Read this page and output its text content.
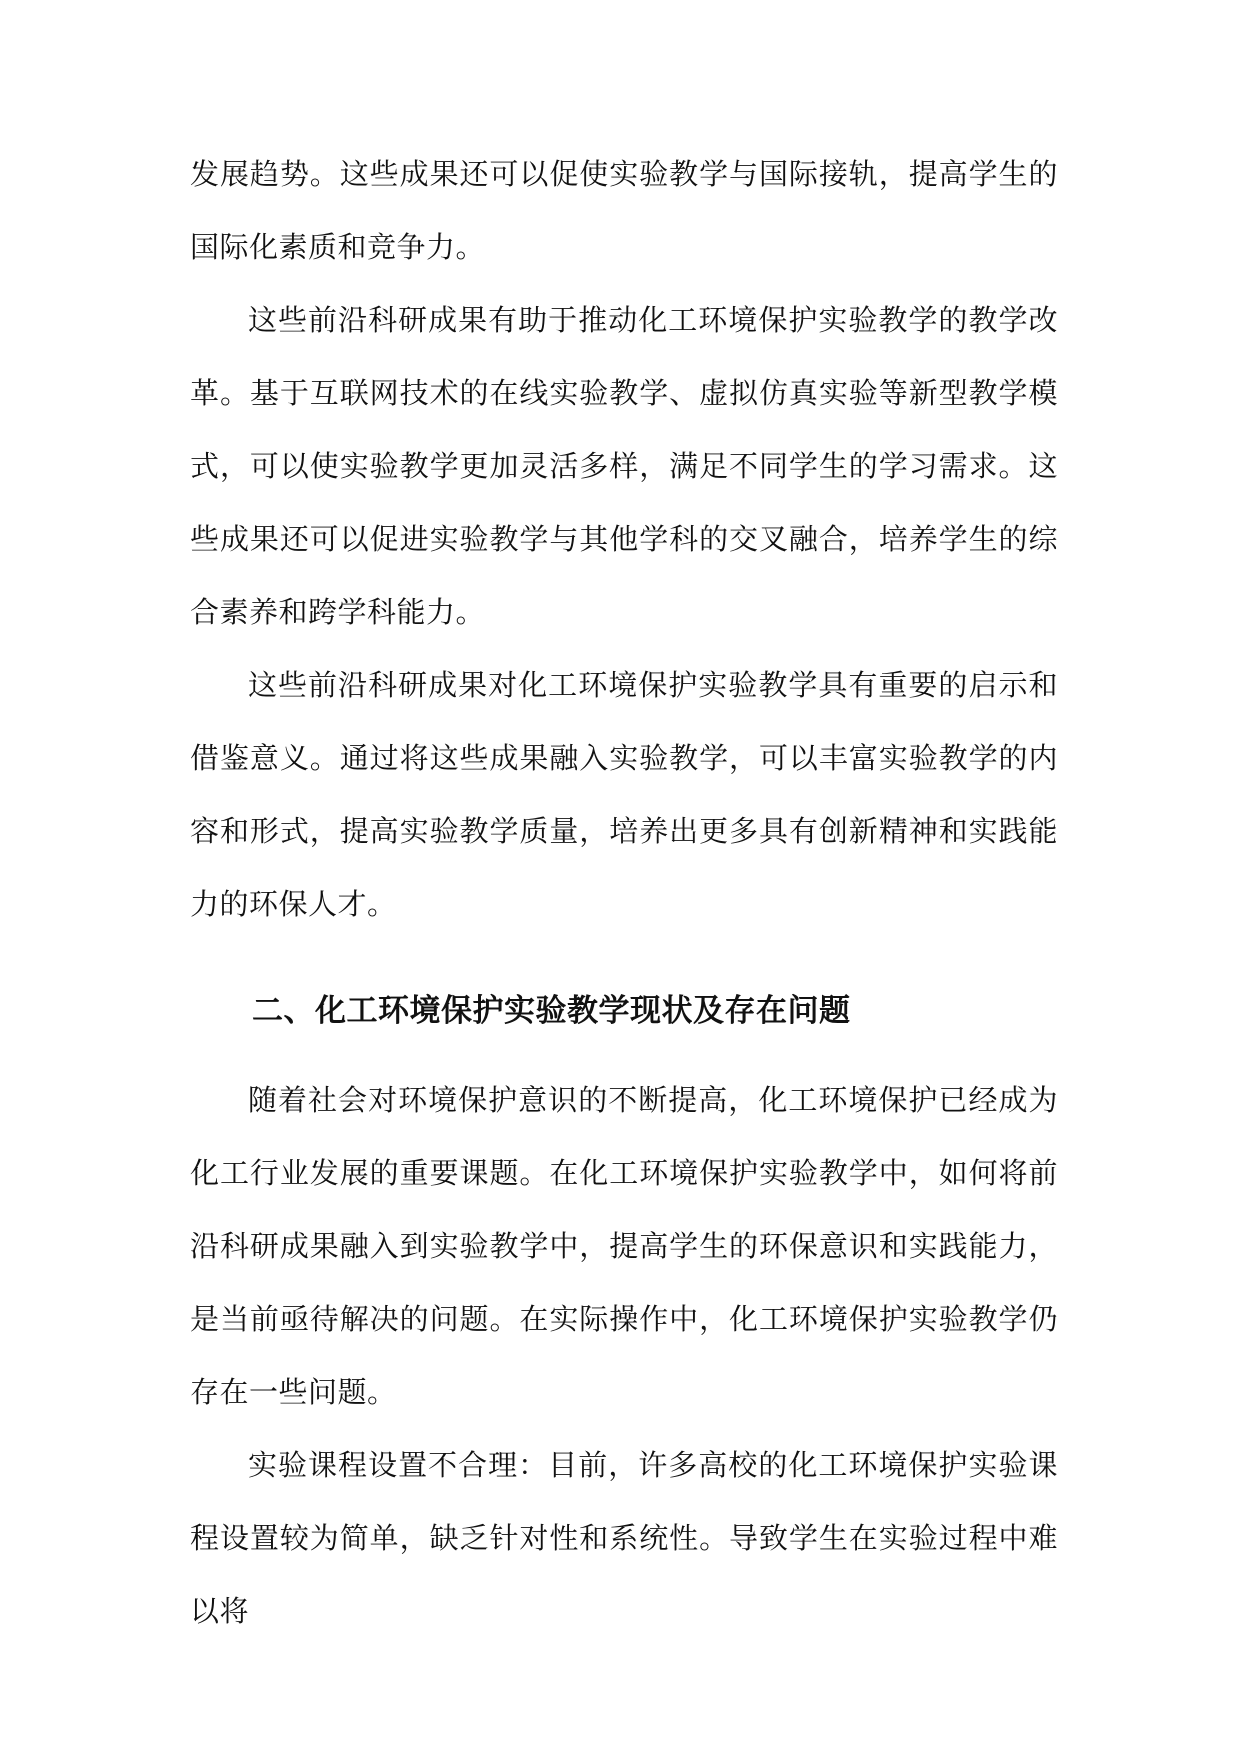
发展趋势。这些成果还可以促使实验教学与国际接轨，提高学生的国际化素质和竞争力。

这些前沿科研成果有助于推动化工环境保护实验教学的教学改革。基于互联网技术的在线实验教学、虚拟仿真实验等新型教学模式，可以使实验教学更加灵活多样，满足不同学生的学习需求。这些成果还可以促进实验教学与其他学科的交叉融合，培养学生的综合素养和跨学科能力。

这些前沿科研成果对化工环境保护实验教学具有重要的启示和借鉴意义。通过将这些成果融入实验教学，可以丰富实验教学的内容和形式，提高实验教学质量，培养出更多具有创新精神和实践能力的环保人才。

二、化工环境保护实验教学现状及存在问题

随着社会对环境保护意识的不断提高，化工环境保护已经成为化工行业发展的重要课题。在化工环境保护实验教学中，如何将前沿科研成果融入到实验教学中，提高学生的环保意识和实践能力，是当前亟待解决的问题。在实际操作中，化工环境保护实验教学仍存在一些问题。

实验课程设置不合理：目前，许多高校的化工环境保护实验课程设置较为简单，缺乏针对性和系统性。导致学生在实验过程中难以将
